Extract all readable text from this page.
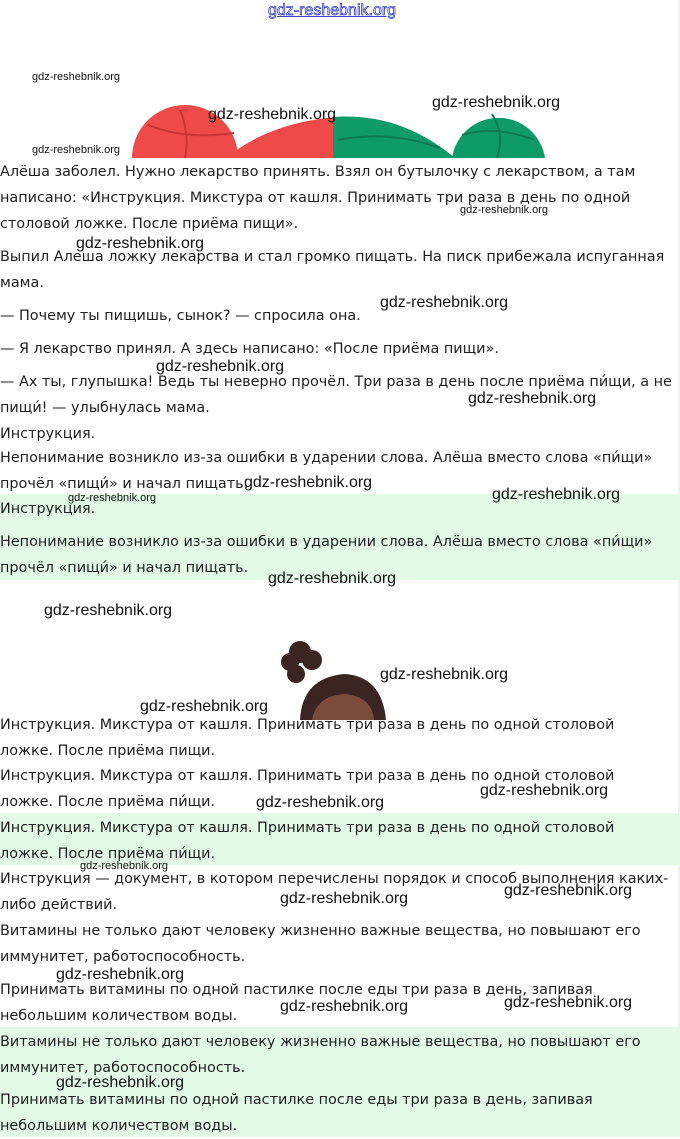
Алёша заболел. Нужно лекарство принять. Взял он бутылочку с лекарством, а там написано: «Инструкция. Микстура от кашля. Принимать три раза в день по одной столовой ложке. После приёма пищи».

Выпил Алеша ложку лекарства и стал громко пищать. На писк прибежала испуганная мама.

— Почему ты пищишь, сынок? — спросила она.

— Я лекарство принял. А здесь написано: «После приёма пищи».

— Ах ты, глупышка! Ведь ты неверно прочёл. Три раза в день после приёма пи́щи, а не пищи́! — улыбнулась мама.

Инструкция.

Непонимание возникло из-за ошибки в ударении слова. Алёша вместо слова «пи́щи» прочёл «пищи́» и начал пищать.

Инструкция.

Непонимание возникло из-за ошибки в ударении слова. Алёша вместо слова «пи́щи» прочёл «пищи́» и начал пищать.

Инструкция. Микстура от кашля. Принимать три раза в день по одной столовой ложке. После приёма пищи.

Инструкция. Микстура от кашля. Принимать три раза в день по одной столовой ложке. После приёма пи́щи.

Инструкция. Микстура от кашля. Принимать три раза в день по одной столовой ложке. После приёма пи́щи.

Инструкция — документ, в котором перечислены порядок и способ выполнения каких-либо действий.

Витамины не только дают человеку жизненно важные вещества, но повышают его иммунитет, работоспособность.

Принимать витамины по одной пастилке после еды три раза в день, запивая небольшим количеством воды.

Витамины не только дают человеку жизненно важные вещества, но повышают его иммунитет, работоспособность.

Принимать витамины по одной пастилке после еды три раза в день, запивая небольшим количеством воды.

gdz-reshebnik.org
gdz-reshebnik.org
gdz-reshebnik.org
gdz-reshebnik.org
gdz-reshebnik.org
gdz-reshebnik.org
gdz-reshebnik.org
gdz-reshebnik.org
gdz-reshebnik.org
gdz-reshebnik.org
gdz-reshebnik.org
gdz-reshebnik.org
gdz-reshebnik.org
gdz-reshebnik.org
gdz-reshebnik.org
gdz-reshebnik.org
gdz-reshebnik.org
gdz-reshebnik.org
gdz-reshebnik.org
gdz-reshebnik.org
gdz-reshebnik.org
gdz-reshebnik.org
gdz-reshebnik.org
gdz-reshebnik.org	gdz-reshebnik.org
gdz-reshebnik.org
